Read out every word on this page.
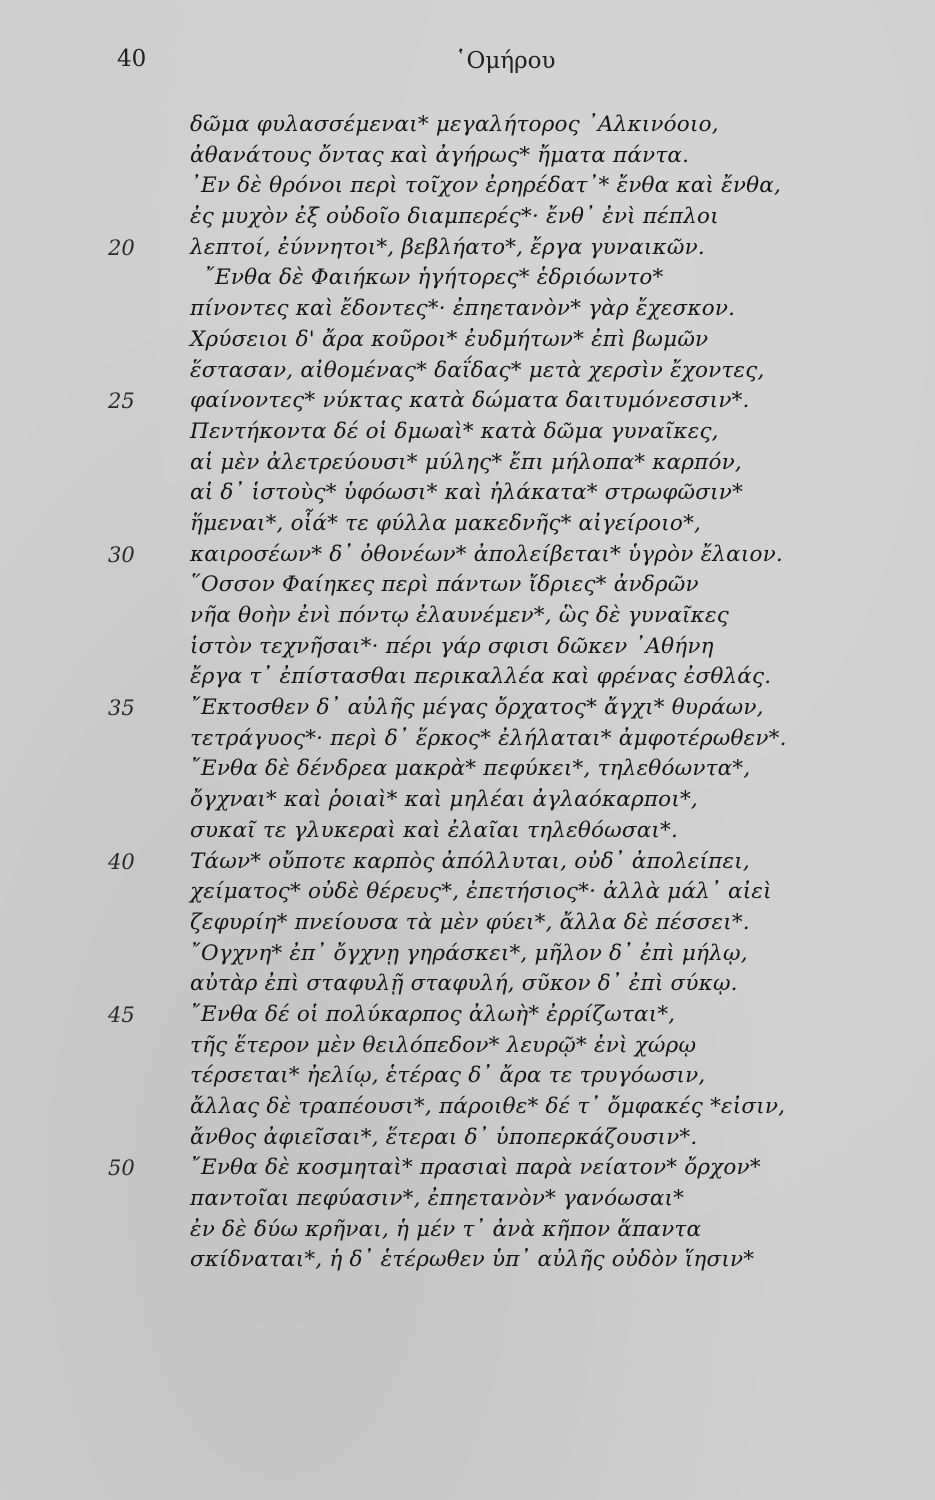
40	῾Ομήρου
δῶμα φυλασσέμεναι* μεγαλήτορος ᾿Αλκινόοιο,
ἀθανάτους ὄντας καὶ ἀγήρως* ἤματα πάντα.
᾿Εν δὲ θρόνοι περὶ τοῖχον ἐρηρέδατ᾿* ἔνθα καὶ ἔνθα,
ἐς μυχὸν ἐξ οὐδοῖο διαμπερές*· ἔνθ᾿ ἐνὶ πέπλοι
20	λεπτοί, ἐύννητοι*, βεβλήατο*, ἔργα γυναικῶν.
῎Ενθα δὲ Φαιήκων ἡγήτορες* ἑδριόωντο*
πίνοντες καὶ ἔδοντες*· ἐπηετανὸν* γὰρ ἔχεσκον.
Χρύσειοι δ' ἄρα κοῦροι* ἐυδμήτων* ἐπὶ βωμῶν
ἕστασαν, αἰθομένας* δαΐδας* μετὰ χερσὶν ἔχοντες,
25	φαίνοντες* νύκτας κατὰ δώματα δαιτυμόνεσσιν*.
Πεντήκοντα δέ οἱ δμωαὶ* κατὰ δῶμα γυναῖκες,
αἱ μὲν ἀλετρεύουσι* μύλης* ἔπι μήλοπα* καρπόν,
αἱ δ᾿ ἱστοὺς* ὑφόωσι* καὶ ἠλάκατα* στρωφῶσιν*
ἥμεναι*, οἷά* τε φύλλα μακεδνῆς* αἰγείροιο*,
30	καιροσέων* δ᾿ ὀθονέων* ἀπολείβεται* ὑγρὸν ἔλαιον.
῞Οσσον Φαίηκες περὶ πάντων ἴδριες* ἀνδρῶν
νῆα θοὴν ἐνὶ πόντῳ ἐλαυνέμεν*, ὣς δὲ γυναῖκες
ἱστὸν τεχνῆσαι*· πέρι γάρ σφισι δῶκεν ᾿Αθήνη
ἔργα τ᾿ ἐπίστασθαι περικαλλέα καὶ φρένας ἐσθλάς.
35	῎Εκτοσθεν δ᾿ αὐλῆς μέγας ὄρχατος* ἄγχι* θυράων,
τετράγυος*· περὶ δ᾿ ἕρκος* ἐλήλαται* ἀμφοτέρωθεν*.
῎Ενθα δὲ δένδρεα μακρὰ* πεφύκει*, τηλεθόωντα*,
ὄγχναι* καὶ ῥοιαὶ* καὶ μηλέαι ἀγλαόκαρποι*,
συκαῖ τε γλυκεραὶ καὶ ἐλαῖαι τηλεθόωσαι*.
40	Τάων* οὔποτε καρπὸς ἀπόλλυται, οὐδ᾿ ἀπολείπει,
χείματος* οὐδὲ θέρευς*, ἐπετήσιος*· ἀλλὰ μάλ᾿ αἰεὶ
ζεφυρίη* πνείουσα τὰ μὲν φύει*, ἄλλα δὲ πέσσει*.
῎Ογχνη* ἐπ᾿ ὄγχνῃ γηράσκει*, μῆλον δ᾿ ἐπὶ μήλῳ,
αὐτὰρ ἐπὶ σταφυλῇ σταφυλή, σῦκον δ᾿ ἐπὶ σύκῳ.
45	῎Ενθα δέ οἱ πολύκαρπος ἀλωὴ* ἐρρίζωται*,
τῆς ἕτερον μὲν θειλόπεδον* λευρῷ* ἐνὶ χώρῳ
τέρσεται* ἠελίῳ, ἑτέρας δ᾿ ἄρα τε τρυγόωσιν,
ἄλλας δὲ τραπέουσι*, πάροιθε* δέ τ᾿ ὄμφακές *εἰσιν,
ἄνθος ἀφιεῖσαι*, ἕτεραι δ᾿ ὑποπερκάζουσιν*.
50	῎Ενθα δὲ κοσμηταὶ* πρασιαὶ παρὰ νείατον* ὄρχον*
παντοῖαι πεφύασιν*, ἐπηετανὸν* γανόωσαι*
ἐν δὲ δύω κρῆναι, ἡ μέν τ᾿ ἀνὰ κῆπον ἅπαντα
σκίδναται*, ἡ δ᾿ ἑτέρωθεν ὑπ᾿ αὐλῆς οὐδὸν ἵησιν*
